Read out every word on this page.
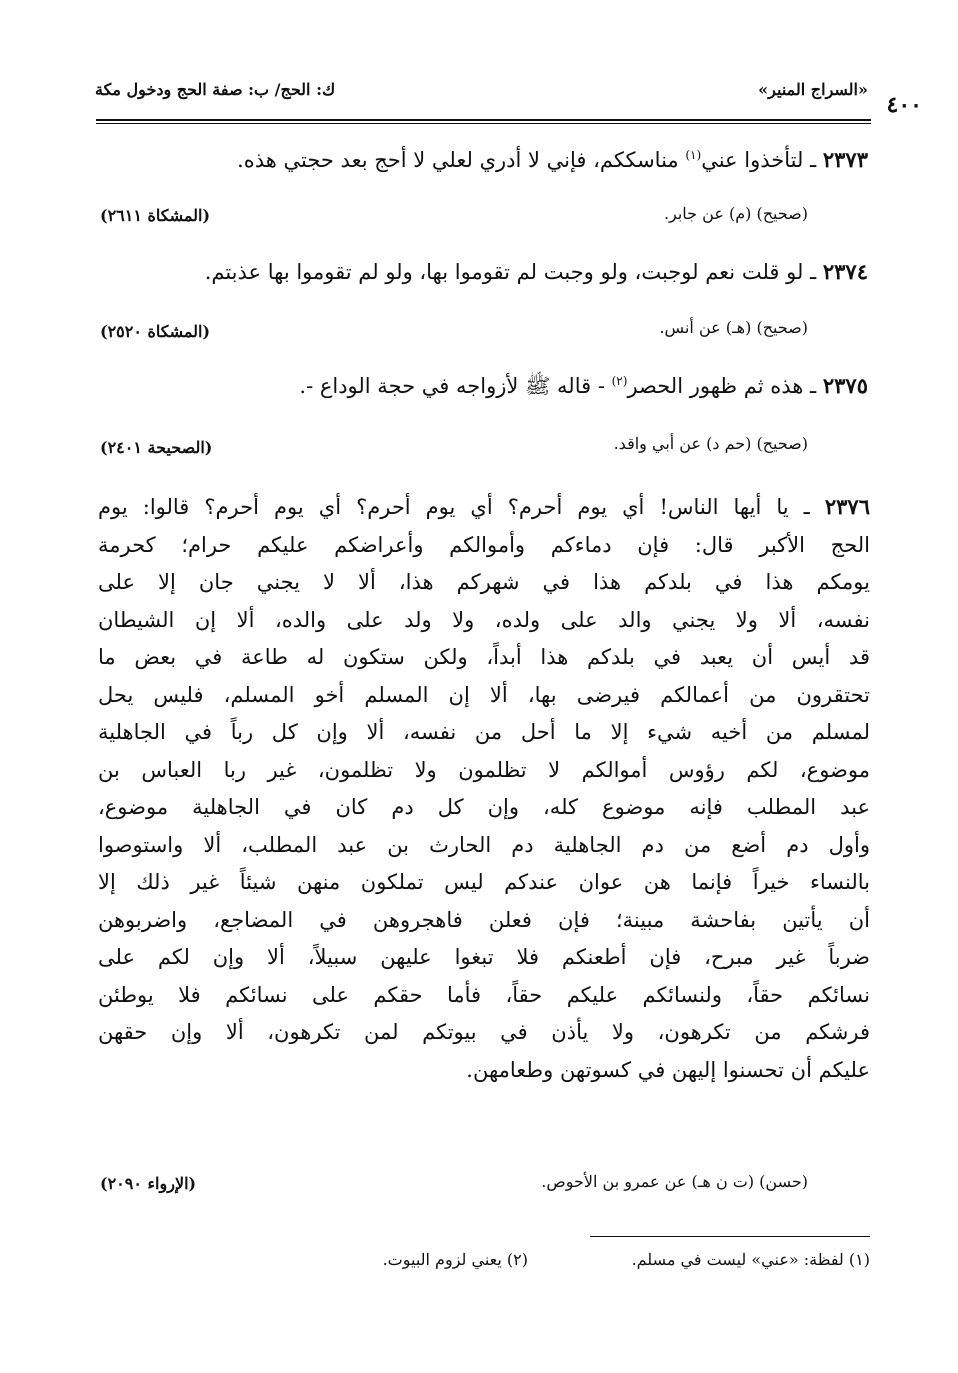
«السراج المنير»
ك: الحج/ ب: صفة الحج ودخول مكة
٤٠٠
٢٣٧٣ ـ لتأخذوا عني$^{(١)}$ مناسككم، فإني لا أدري لعلي لا أحج بعد حجتي هذه.
(صحيح) (م) عن جابر.
(المشكاة ٢٦١١)
٢٣٧٤ ـ لو قلت نعم لوجبت، ولو وجبت لم تقوموا بها، ولو لم تقوموا بها عذبتم.
(صحيح) (هـ) عن أنس.
(المشكاة ٢٥٢٠)
٢٣٧٥ ـ هذه ثم ظهور الحصر$^{(٢)}$ - قاله ﷺ لأزواجه في حجة الوداع -.
(صحيح) (حم د) عن أبي واقد.
(الصحيحة ٢٤٠١)
٢٣٧٦ ـ يا أيها الناس! أي يوم أحرم؟ أي يوم أحرم؟ أي يوم أحرم؟ قالوا: يوم
الحج الأكبر قال: فإن دماءكم وأموالكم وأعراضكم عليكم حرام؛ كحرمة
يومكم هذا في بلدكم هذا في شهركم هذا، ألا لا يجني جان إلا على
نفسه، ألا ولا يجني والد على ولده، ولا ولد على والده، ألا إن الشيطان
قد أيس أن يعبد في بلدكم هذا أبداً، ولكن ستكون له طاعة في بعض ما
تحتقرون من أعمالكم فيرضى بها، ألا إن المسلم أخو المسلم، فليس يحل
لمسلم من أخيه شيء إلا ما أحل من نفسه، ألا وإن كل رباً في الجاهلية
موضوع، لكم رؤوس أموالكم لا تظلمون ولا تظلمون، غير ربا العباس بن
عبد المطلب فإنه موضوع كله، وإن كل دم كان في الجاهلية موضوع،
وأول دم أضع من دم الجاهلية دم الحارث بن عبد المطلب، ألا واستوصوا
بالنساء خيراً فإنما هن عوان عندكم ليس تملكون منهن شيئاً غير ذلك إلا
أن يأتين بفاحشة مبينة؛ فإن فعلن فاهجروهن في المضاجع، واضربوهن
ضرباً غير مبرح، فإن أطعنكم فلا تبغوا عليهن سبيلاً، ألا وإن لكم على
نسائكم حقاً، ولنسائكم عليكم حقاً، فأما حقكم على نسائكم فلا يوطئن
فرشكم من تكرهون، ولا يأذن في بيوتكم لمن تكرهون، ألا وإن حقهن
عليكم أن تحسنوا إليهن في كسوتهن وطعامهن.
(حسن) (ت ن هـ) عن عمرو بن الأحوص.
(الإرواء ٢٠٩٠)
(١) لفظة: «عني» ليست في مسلم.
(٢) يعني لزوم البيوت.
